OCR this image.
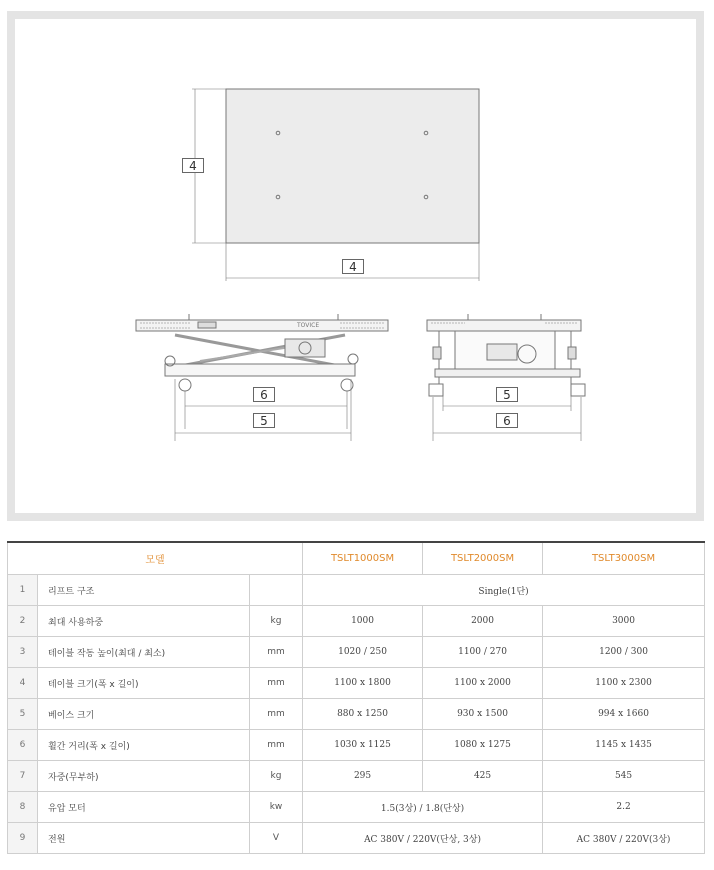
TOVICE
4
4
6
5
5
6
모델			TSLT1000SM	TSLT2000SM	TSLT3000SM
1	리프트 구조		Single(1단)		
2	최대 사용하중	kg	1000	2000	3000
3	테이블 작동 높이(최대 / 최소)	mm	1020 / 250	1100 / 270	1200 / 300
4	테이블 크기(폭 x 길이)	mm	1100 x 1800	1100 x 2000	1100 x 2300
5	베이스 크기	mm	880 x 1250	930 x 1500	994 x 1660
6	휠간 거리(폭 x 길이)	mm	1030 x 1125	1080 x 1275	1145 x 1435
7	자중(무부하)	kg	295	425	545
8	유압 모터	kw	1.5(3상) / 1.8(단상)		2.2
9	전원	V	AC 380V / 220V(단상, 3상)		AC 380V / 220V(3상)
